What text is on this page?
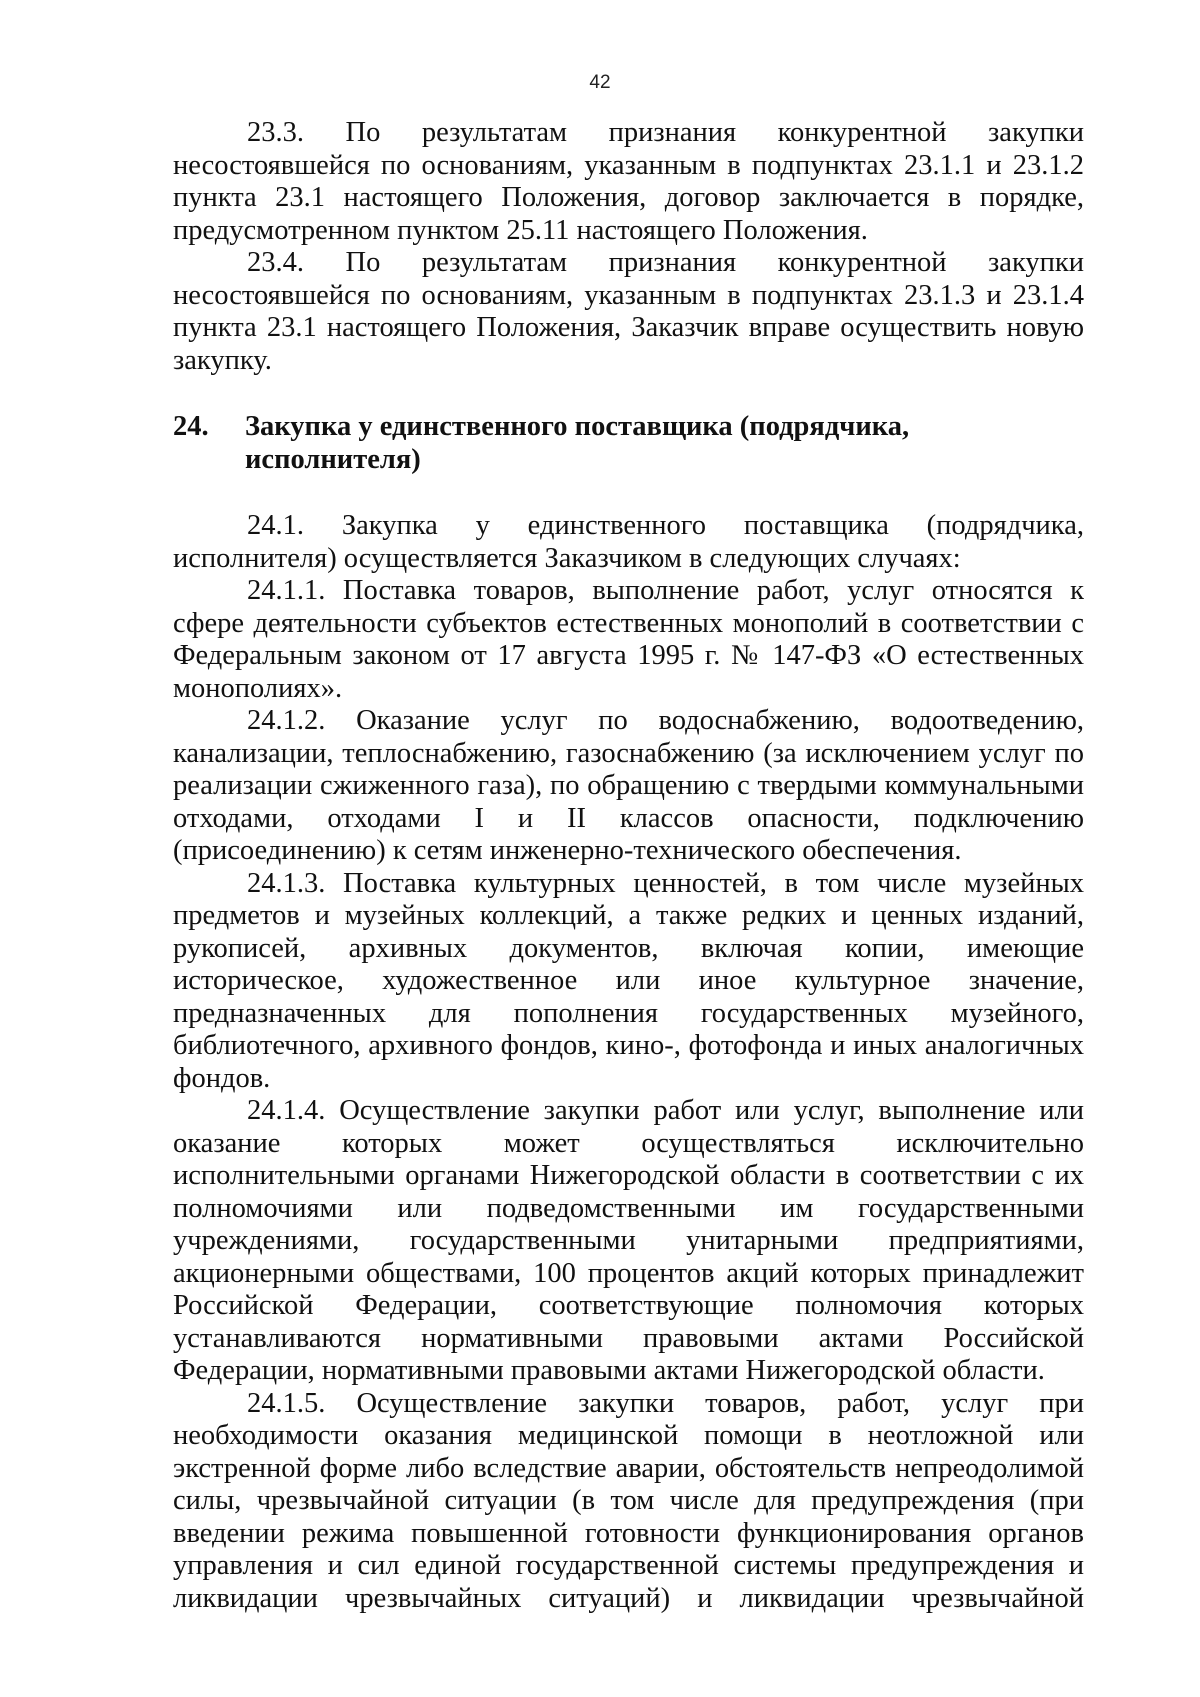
42

23.3. По результатам признания конкурентной закупки несостоявшейся по основаниям, указанным в подпунктах 23.1.1 и 23.1.2 пункта 23.1 настоящего Положения, договор заключается в порядке, предусмотренном пунктом 25.11 настоящего Положения.

23.4. По результатам признания конкурентной закупки несостоявшейся по основаниям, указанным в подпунктах 23.1.3 и 23.1.4 пункта 23.1 настоящего Положения, Заказчик вправе осуществить новую закупку.

24.	Закупка у единственного поставщика (подрядчика, исполнителя)

24.1. Закупка у единственного поставщика (подрядчика, исполнителя) осуществляется Заказчиком в следующих случаях:

24.1.1. Поставка товаров, выполнение работ, услуг относятся к сфере деятельности субъектов естественных монополий в соответствии с Федеральным законом от 17 августа 1995 г. № 147-ФЗ «О естественных монополиях».

24.1.2. Оказание услуг по водоснабжению, водоотведению, канализации, теплоснабжению, газоснабжению (за исключением услуг по реализации сжиженного газа), по обращению с твердыми коммунальными отходами, отходами I и II классов опасности, подключению (присоединению) к сетям инженерно-технического обеспечения.

24.1.3. Поставка культурных ценностей, в том числе музейных предметов и музейных коллекций, а также редких и ценных изданий, рукописей, архивных документов, включая копии, имеющие историческое, художественное или иное культурное значение, предназначенных для пополнения государственных музейного, библиотечного, архивного фондов, кино-, фотофонда и иных аналогичных фондов.

24.1.4. Осуществление закупки работ или услуг, выполнение или оказание которых может осуществляться исключительно исполнительными органами Нижегородской области в соответствии с их полномочиями или подведомственными им государственными учреждениями, государственными унитарными предприятиями, акционерными обществами, 100 процентов акций которых принадлежит Российской Федерации, соответствующие полномочия которых устанавливаются нормативными правовыми актами Российской Федерации, нормативными правовыми актами Нижегородской области.

24.1.5. Осуществление закупки товаров, работ, услуг при необходимости оказания медицинской помощи в неотложной или экстренной форме либо вследствие аварии, обстоятельств непреодолимой силы, чрезвычайной ситуации (в том числе для предупреждения (при введении режима повышенной готовности функционирования органов управления и сил единой государственной системы предупреждения и ликвидации чрезвычайных ситуаций) и ликвидации чрезвычайной
